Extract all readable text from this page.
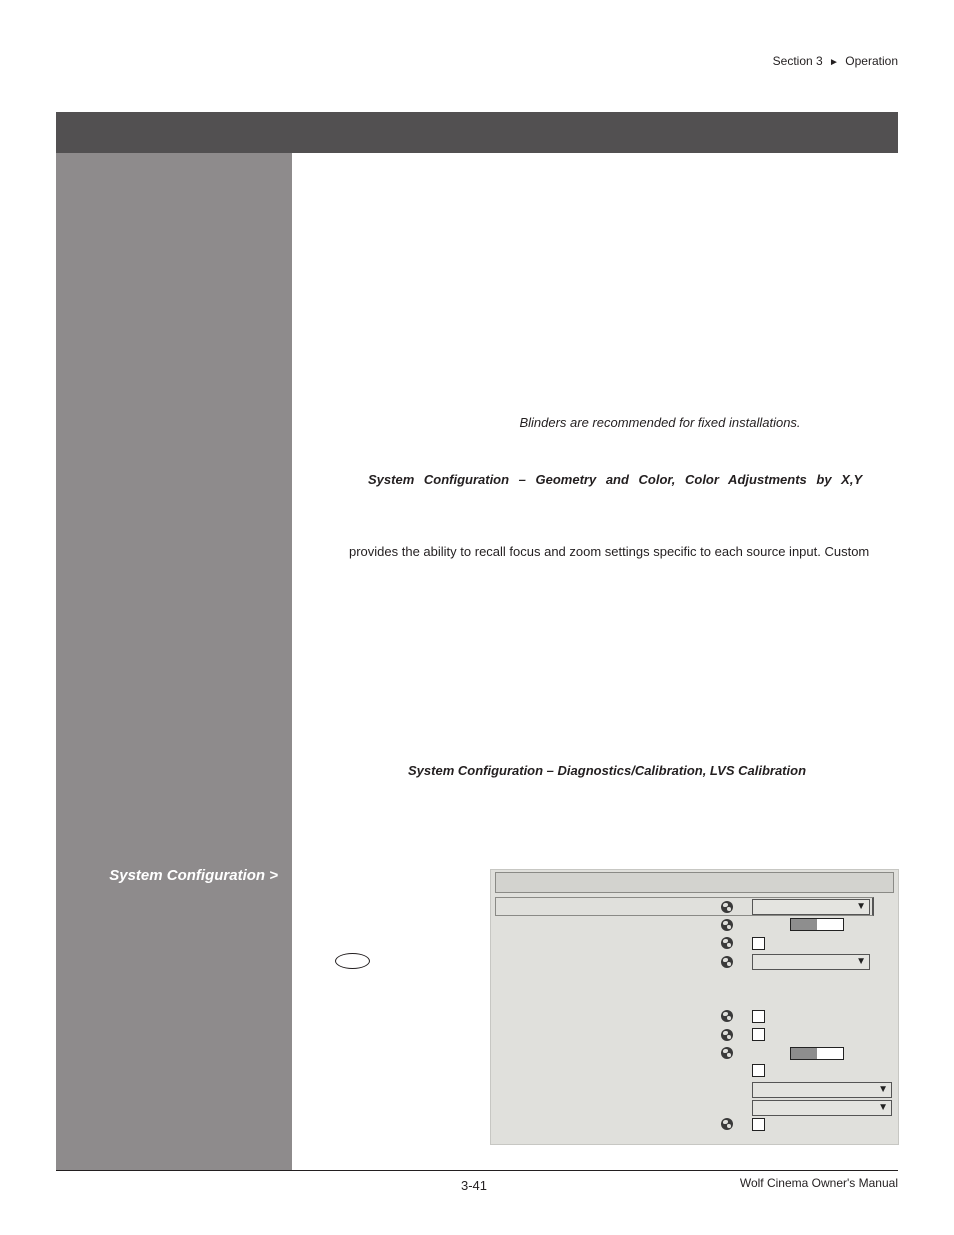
Section 3 ► Operation
System Configuration >
Blinders are recommended for fixed installations.
System Configuration – Geometry and Color, Color Adjustments by X,Y
provides the ability to recall focus and zoom settings specific to each source input. Custom
System Configuration – Diagnostics/Calibration, LVS Calibration
▼
▼
▼
▼
3-41	Wolf Cinema Owner's Manual
